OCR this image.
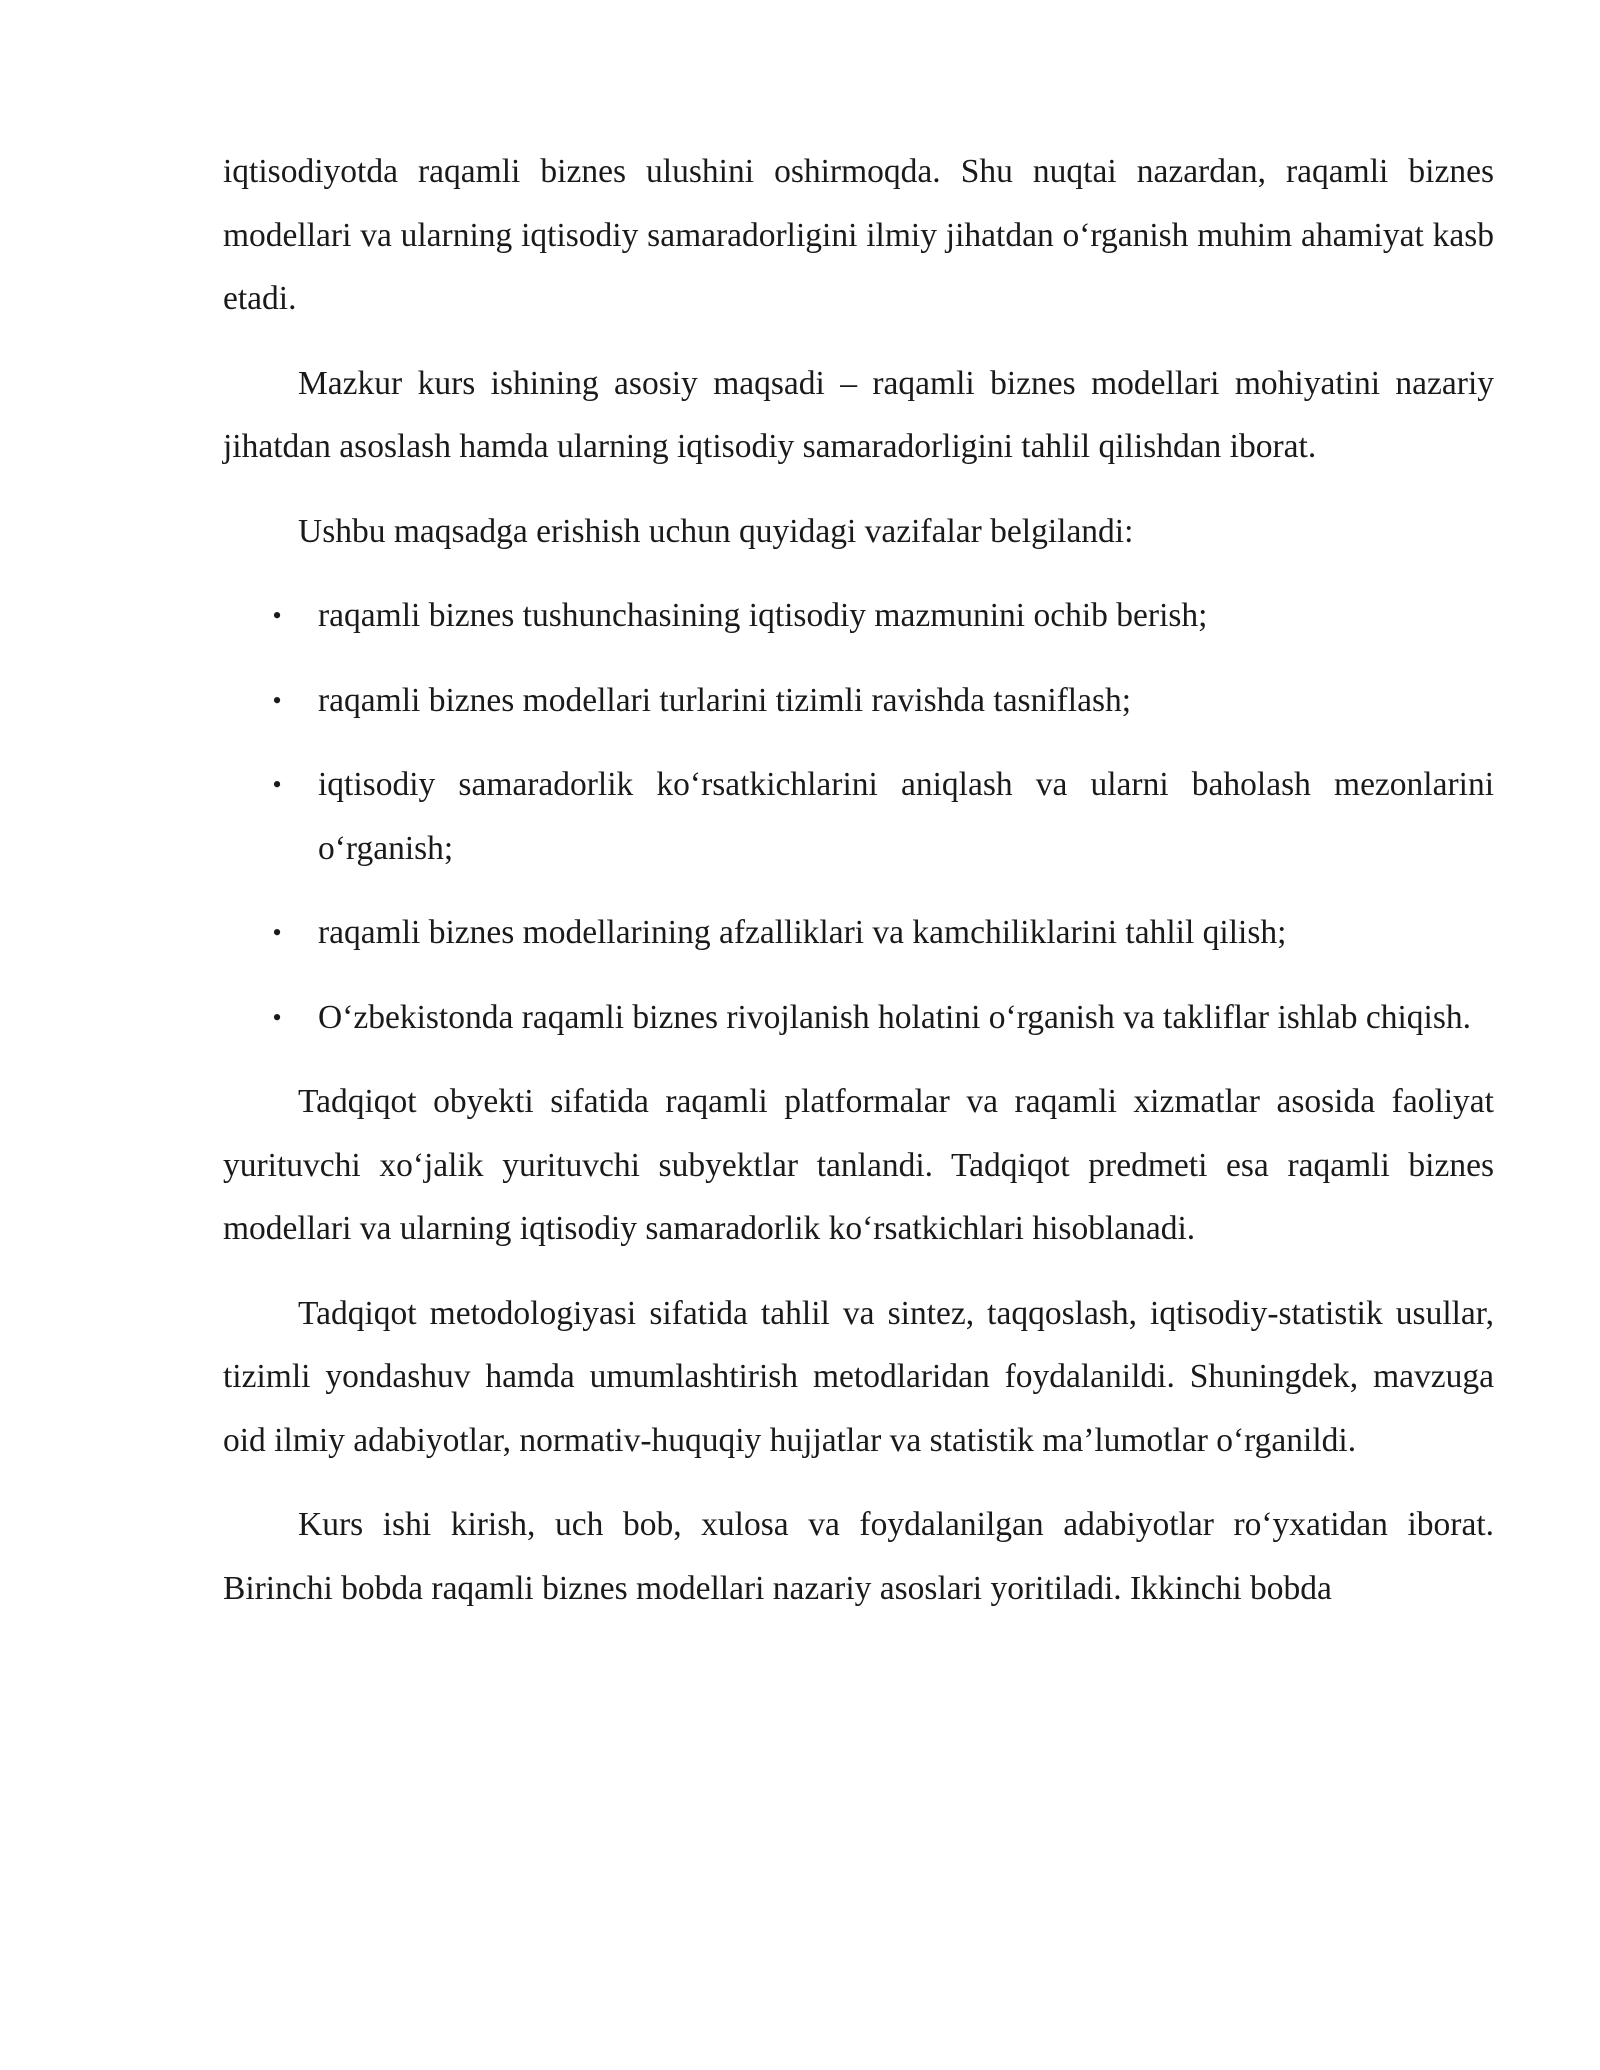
iqtisodiyotda raqamli biznes ulushini oshirmoqda. Shu nuqtai nazardan, raqamli biznes modellari va ularning iqtisodiy samaradorligini ilmiy jihatdan o‘rganish muhim ahamiyat kasb etadi.

Mazkur kurs ishining asosiy maqsadi – raqamli biznes modellari mohiyatini nazariy jihatdan asoslash hamda ularning iqtisodiy samaradorligini tahlil qilishdan iborat.

Ushbu maqsadga erishish uchun quyidagi vazifalar belgilandi:

• raqamli biznes tushunchasining iqtisodiy mazmunini ochib berish;
• raqamli biznes modellari turlarini tizimli ravishda tasniflash;
• iqtisodiy samaradorlik ko‘rsatkichlarini aniqlash va ularni baholash mezonlarini o‘rganish;
• raqamli biznes modellarining afzalliklari va kamchiliklarini tahlil qilish;
• O‘zbekistonda raqamli biznes rivojlanish holatini o‘rganish va takliflar ishlab chiqish.

Tadqiqot obyekti sifatida raqamli platformalar va raqamli xizmatlar asosida faoliyat yurituvchi xo‘jalik yurituvchi subyektlar tanlandi. Tadqiqot predmeti esa raqamli biznes modellari va ularning iqtisodiy samaradorlik ko‘rsatkichlari hisoblanadi.

Tadqiqot metodologiyasi sifatida tahlil va sintez, taqqoslash, iqtisodiy-statistik usullar, tizimli yondashuv hamda umumlashtirish metodlaridan foydalanildi. Shuningdek, mavzuga oid ilmiy adabiyotlar, normativ-huquqiy hujjatlar va statistik ma’lumotlar o‘rganildi.

Kurs ishi kirish, uch bob, xulosa va foydalanilgan adabiyotlar ro‘yxatidan iborat. Birinchi bobda raqamli biznes modellari nazariy asoslari yoritiladi. Ikkinchi bobda
